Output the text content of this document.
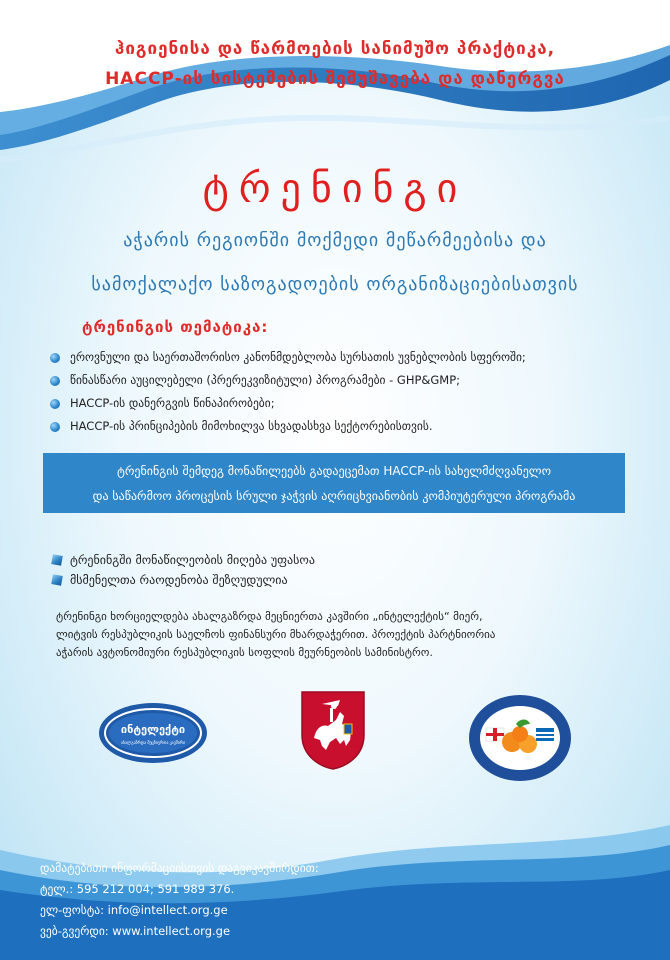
ჰიგიენისა და წარმოების სანიმუშო პრაქტიკა,
HACCP-ის სისტემების შემუშავება და დანერგვა
ტრენინგი
აჭარის რეგიონში მოქმედი მეწარმეებისა და
სამოქალაქო საზოგადოების ორგანიზაციებისათვის
ტრენინგის თემატიკა:
ეროვნული და საერთაშორისო კანონმდებლობა სურსათის უვნებლობის სფეროში;
წინასწარი აუცილებელი (პრერეკვიზიტული) პროგრამები - GHP&GMP;
HACCP-ის დანერგვის წინაპირობები;
HACCP-ის პრინციპების მიმოხილვა სხვადასხვა სექტორებისთვის.
ტრენინგის შემდეგ მონაწილეებს გადაეცემათ HACCP-ის სახელმძღვანელო
და საწარმოო პროცესის სრული ჯაჭვის აღრიცხვიანობის კომპიუტერული პროგრამა
ტრენინგში მონაწილეობის მიღება უფასოა
მსმენელთა რაოდენობა შეზღუდულია
ტრენინგი ხორციელდება ახალგაზრდა მეცნიერთა კავშირი „ინტელექტის“ მიერ,
ლიტვის რესპუბლიკის საელჩოს ფინანსური მხარდაჭერით. პროექტის პარტნიორია
აჭარის ავტონომიური რესპუბლიკის სოფლის მეურნეობის სამინისტრო.
ინტელექტი
ახალგაზრდა მეცნიერთა კავშირი
დამატებითი ინფორმაციისთვის დაგვიკავშირდით:
ტელ.: 595 212 004; 591 989 376.
ელ-ფოსტა: info@intellect.org.ge
ვებ-გვერდი: www.intellect.org.ge
